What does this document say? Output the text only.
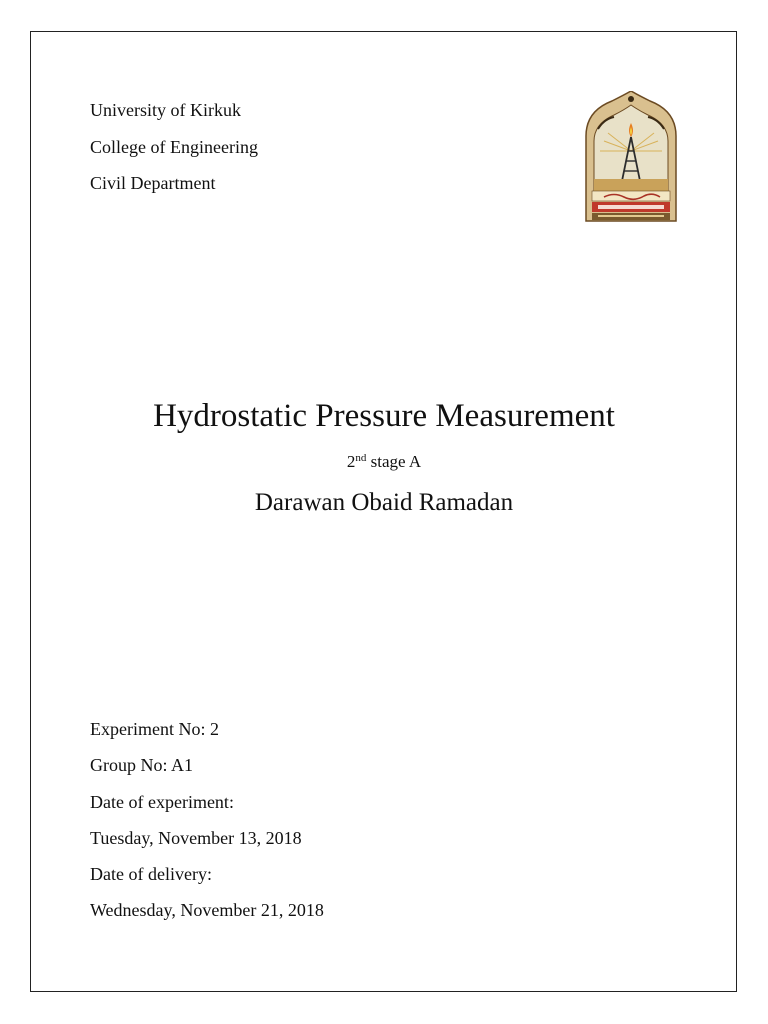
University of Kirkuk
College of Engineering
Civil Department
Hydrostatic Pressure Measurement
2nd stage A
Darawan Obaid Ramadan
Experiment No: 2
Group No: A1
Date of experiment:
Tuesday, November 13, 2018
Date of delivery:
Wednesday, November 21, 2018
